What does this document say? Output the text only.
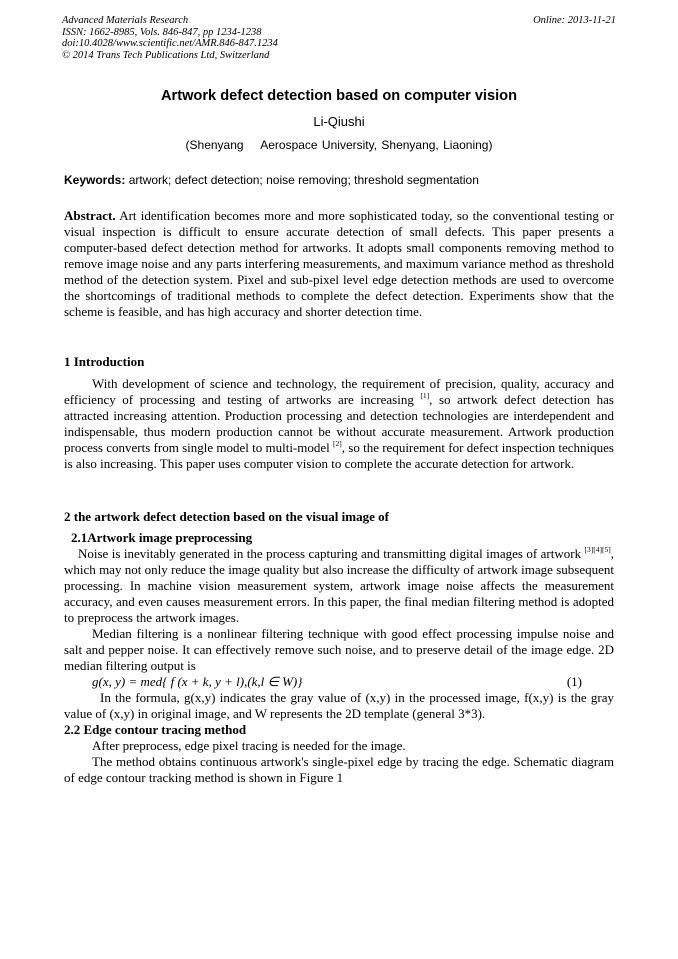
Advanced Materials Research
ISSN: 1662-8985, Vols. 846-847, pp 1234-1238
doi:10.4028/www.scientific.net/AMR.846-847.1234
© 2014 Trans Tech Publications Ltd, Switzerland
Online: 2013-11-21
Artwork defect detection based on computer vision
Li-Qiushi
(Shenyang    Aerospace University, Shenyang, Liaoning)
Keywords: artwork; defect detection; noise removing; threshold segmentation

Abstract. Art identification becomes more and more sophisticated today, so the conventional testing or visual inspection is difficult to ensure accurate detection of small defects. This paper presents a computer-based defect detection method for artworks. It adopts small components removing method to remove image noise and any parts interfering measurements, and maximum variance method as threshold method of the detection system. Pixel and sub-pixel level edge detection methods are used to overcome the shortcomings of traditional methods to complete the defect detection. Experiments show that the scheme is feasible, and has high accuracy and shorter detection time.

1 Introduction

With development of science and technology, the requirement of precision, quality, accuracy and efficiency of processing and testing of artworks are increasing [1], so artwork defect detection has attracted increasing attention. Production processing and detection technologies are interdependent and indispensable, thus modern production cannot be without accurate measurement. Artwork production process converts from single model to multi-model [2], so the requirement for defect inspection techniques is also increasing. This paper uses computer vision to complete the accurate detection for artwork.

2 the artwork defect detection based on the visual image of

2.1Artwork image preprocessing

Noise is inevitably generated in the process capturing and transmitting digital images of artwork [3][4][5], which may not only reduce the image quality but also increase the difficulty of artwork image subsequent processing. In machine vision measurement system, artwork image noise affects the measurement accuracy, and even causes measurement errors. In this paper, the final median filtering method is adopted to preprocess the artwork images.

Median filtering is a nonlinear filtering technique with good effect processing impulse noise and salt and pepper noise. It can effectively remove such noise, and to preserve detail of the image edge. 2D median filtering output is

g(x, y) = med{ f (x + k, y + l),(k,l ∈ W)}	(1)

In the formula, g(x,y) indicates the gray value of (x,y) in the processed image, f(x,y) is the gray value of (x,y) in original image, and W represents the 2D template (general 3*3).

2.2 Edge contour tracing method

After preprocess, edge pixel tracing is needed for the image.

The method obtains continuous artwork's single-pixel edge by tracing the edge. Schematic diagram of edge contour tracking method is shown in Figure 1
